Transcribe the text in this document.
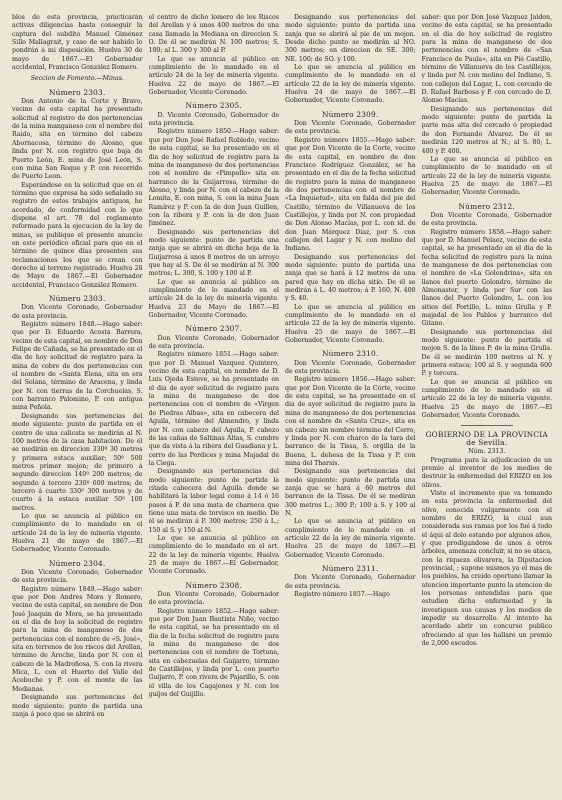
blos de esta provincia, practicarán activas diligencias hasta conseguir la captura del subdito Manuel Giménez Sillo Mallagrait, y caso de ser habido lo pondrán á mi disposición. Huelva 30 de mayo de 1867.—El Gobernador accidental, Francisco González Romero.

Seccion de Fomento.—Minas.
Número 2303.

Don Antonio de la Corte y Bravo, vecino de esta capital ha presentado solicitud al registro de dos pertenencias de la mina manganeso con el nombre del Raido, sita en término del cabezo Abornacosa, término de Alosno, que linda por N. con registro que baja de Puerto León, E. mina de José León, S. con mina San Roque y P. con recorrido de Puerto Leon.

Esperándose en la solicitud que en el término que expresa ha sido señalado su registro de estos trabajos antiguos, he acordado, de conformidad con lo que dispone el art. 78 del reglamento reformado para la ejecucion de la ley de minas, se publique el presente anuncio en este periódico oficial para que en el término de quince días presenten sus reclamaciones los que se crean con derecho al terreno registrado. Huelva 28 de Mayo de 1867.—El Gobernador accidental, Francisco González Romero.

Número 2303.

Don Vicente Coronado, Gobernador de esta provincia.

Registro número 1848.—Hago saber: que por D. Eduardo Acosta Barrera, vecino de esta capital, en nombre de Don Felipe de Cañada, se ha presentado en el dia de hoy solicitud de registro para la mina de cobre de dos pertenencias con el nombre de «Santa Elena, sita en era del Solana, término de Aracena, y linda por N. con tierras de la Corchuelas, S. con barranco Palomino, P. con antigua mina Peñola.

Designando sus pertenencias del modo siguiente: punto de partida en el centro de una calicata se medirán al N. 100 metros de la casa habitacion. De él se medirán en direccion 330º 30 metros y primera estaca auxiliar; 50º 500 metros primer mojon; de primero á segundo direccion 140º 200 metros; de segundo á tercero 230º 600 metros; de tercero á cuarto 330º 300 metros y de cuarto á la estaca auxiliar 50º 100 metros.

Lo que se anuncia al público en cumplimiento de lo mandado en el artículo 24 de la ley de minería vigente. Huelva 21 de mayo de 1867.—El Gobernador, Vicente Coronado.

Número 2304.

Don Vicente Coronado, Gobernador de esta provincia.

Registro número 1849.—Hago saber: que por Don Andres Mora y Romero, vecino de esta capital, en nombre de Don José Joaquin de Mora, se ha presentado en el dia de hoy la solicitud de registro para la mina de manganeso de dos pertenencias con el nombre de «S. José», sita en terrenos de los riscos del Arellan, término de Aroche, linda por N. con el cabezo de la Madroñosa, S. con la rivera Mica, L. con el Huerto del Valle del Acebuche y P. con el monte de las Medianas.

Designando sus pertenencias del modo siguiente: punto de partida una zanja á poco que se abrirá en

el centro de dicho lomero de los Riscos del Arellan y á unos 400 metros de una casa llamada la Mediana en direccion S. O. De él se medirán N. 100 metros; S. 100; al L. 300 y 300 al P.

Lo que se anuncia al público en cumplimiento de lo mandado en el artículo 24 de la ley de minería vigente. Huelva 22 de mayo de 1867.—El Gobernador, Vicente Coronado.

Número 2305.

D. Vicente Coronado, Gobernador de esta provincia.

Registro número 1850.—Hago saber: que por Don José Rafael Robledo, vecino de esta capital, se ha presentado en el dia de hoy solicitud de registro para la mina de manganeso de dos pertenencias con el nombre de «Pimpollo» sita en barranco de la Guijarrosa, término de Alosno, y linda por N. con el cabezo de la Lomita, E. con mina, S. con la mina Juan Ramírez y P. con la de don Juan Guillen, con la ribera y P. con la de don Juan Jiménez.

Designando sus pertenencias del modo siguiente: punto de partida una zanja que se abrirá en dicha hoja de la Guijarrosa á unos 8 metros de un arroyo que hay al S. De él se medirán al N. 300 metros; L. 300, S. 100 y 100 al P.

Lo que se anuncia al público en cumplimiento de lo mandado en el artículo 24 de la ley de minería vigente. Huelva 23 de Mayo de 1867.—El Gobernador, Vicente Coronado.

Número 2307.

Don Vicente Coronado, Gobernador de esta provincia.

Registro número 1851.—Hago saber: que por D. Manuel Vazquez Quintero, vecino de esta capital, en nombre de D. Luis Ojeda Esteve, se ha presentado en el dia de ayer solicitud de registro para la mina de manganeso de dos pertenencias con el nombre de «Virgen de Piedras Albas», sita en cabecera del Aguila, término del Almendro, y linda por N. con cabezo del Aguila, P. cabezo de las cañas de Saltinas Altas, S. cumbre que da vista á la ribera del Guadiana y L. cerro de las Perdices y mina Majadal de la Ciega.

Designando sus pertenencias del modo siguiente: punto de partida la citada cabecera del Aguila donde se habilitará la labor legal como á 14 ó 16 pasos á P. de una mata de charneca que tiene una mata de torvisco en medio. De él se medirán á P. 300 metros; 250 á L.; 150 al S. y 150 al N.

Lo que se anuncia al público en cumplimiento de lo mandado en el art. 22 de la ley de minería vigente. Huelva 25 de mayo de 1867.—El Gobernador, Vicente Coronado.

Número 2308.

Don Vicente Coronado, Gobernador de esta provincia.

Registro número 1852.—Hago saber: que por Don Juan Bautista Niño, vecino de esta capital, se ha presentado en el dia de la fecha solicitud de registro para la mina de manganeso de dos pertenencias con el nombre de Tortuna, sita en cabezuelas del Guijarro, término de Castillejos, y linda por L. con puerto Guijarro, P. con rivera de Pajarillo, S. con el villa de los Cagajones y N. con los guijos del Guijillo.

Designando sus pertenencias del modo siguiente: punto de partida una zanja que se abrirá al pie de un mojon. Desde dicho punto se medirán al NO. 300 metros; en direccion de SE. 300; NE. 100; de SO. y 100.

Lo que se anuncia al público en cumplimiento de lo mandado en el artículo 22 de la ley de minería vigente. Huelva 24 de mayo de 1867.—El Gobernador, Vicente Coronado.

Número 2309.

Don Vicente Coronado, Gobernador de esta provincia.

Registro número 1855.—Hago saber: que por Don Vicente de la Corte, vecino de esta capital, en nombre de don Francisco Rodríguez González, se ha presentado en el dia de la fecha solicitud de registro para la mina de manganeso de dos pertenencias con el nombre de «La Inquietud», sita en falda del pie del Castillo, término de Villanueva de los Castillejos, y linda por N. con propiedad de Don Alonso Macías, por L. con id. de don Juan Márquez Diaz, por S. con callejon del Lagar y N. con molino del Indiano.

Designando sus pertenencias del modo siguiente: punto de partida una zanja que se hará á 12 metros de una pared que hay en dicha sitio. De él se medirán á L. 40 metros; á P. 160, N. 400 y S. 40.

Lo que se anuncia al público en cumplimiento de lo mandado en el artículo 22 de la ley de minería vigente. Huelva 25 de mayo de 1867.—El Gobernador, Vicente Coronado.

Número 2310.

Don Vicente Coronado, Gobernador de esta provincia.

Registro número 1856.—Hago saber: que por Don Vicente de la Córte, vecino de esta capital, se ha presentado en el dia de ayer solicitud de registro para la mina de manganeso de dos pertenencias con el nombre de «Santa Cruz», sita en un cabezo sin nombre término del Cerro, y linda por N. con charco de la tara del barranco de la Tissa, S. orgilla de la Buena, L. dehesa de la Tissa y P. con mina del Tharsis.

Designando sus pertenencias del modo siguiente: punto de partida una zanja que se hará á 60 metros del barranco de la Tissa. De él se medirán 300 metros L.; 300 P.; 100 á S. y 100 al N.

Lo que se anuncia al público en cumplimiento de lo mandado en el artículo 22 de la ley de minería vigente. Huelva 25 de mayo de 1867.—El Gobernador, Vicente Coronado.

Número 2311.

Don Vicente Coronado, Gobernador de esta provincia.

Registro número 1857.—Hago

saber: que por Don José Vazquez Jaldon, vecino de esta capital, se ha presentado en el dia de hoy solicitud de registro para la mina de manganeso de dos pertenencias con el nombre de «San Francisco de Paula», sita en Piè Castillo, término de Villanueva de los Castillejos, y linda por N. con molino del Indiano, S. con callejon del Lagar, L. con cercado de D. Rafael Barbosa y P. con cercado de D. Alonso Macías.

Designando sus pertenencias del modo siguiente: punto de partida la parte más alta del cercado ó propiedad de don Fernando Alvarez. De él se medirán 120 metros al N.; al S. 80; L. 400 y P. 400.

Lo que se anuncia al público en cumplimiento de lo mandado en el artículo 22 de la ley de minería vigente. Huelva 25 de mayo de 1867.—El Gobernador, Vicente Coronado.

Número 2312.

Don Vicente Coronado, Gobernador de esta provincia.

Registro número 1858.—Hago saber: que por D. Manuel Pelaez, vecino de esta capital, se ha presentado en el dia de la fecha solicitud de registro para la mina de manganeso de dos pertenencias con el nombre de «La Golondrina», sita en llanos del puerto Golondro, término de Almonaster, y linda por Sur con las llanos del Puerto Golondro, L. con los sitios del Portillo, L. mina Grulla y P. majadal de los Pablos y barranco del Gitano.

Designando sus pertenencias del modo siguiente: punto de partida el mojon S. de la línea P. de la mina Grulla. De él se medirán 100 metros al N. y primera estaca; 100 al S. y segunda 600 P. y tercera.

Lo que se anuncia al público en cumplimiento de lo mandado en el artículo 22 de la ley de minería vigente. Huelva 25 de mayo de 1867.—El Gobernador, Vicente Coronado.

GOBIERNO DE LA PROVINCIA de Sevilla.

Núm. 2313.

Programa para la adjudicacion de un premio al inventor de los medios de destruir la enfermedad del ERIZO en los olivos.

Visto el incremento que va tomando en esta provincia la enfermedad del olivo, conocida vulgarmente con el nombre de ERIZO, la cual aun considerada sus ramas por los fué á todo el áqui al dolo estando por algunos años, y que prodigandose de unos á otros árboles, amenaza concluir, si no se ataca, con la riqueza olivarera, la Diputacion provincial, ; supone mismos ya el mas de los pueblos, ha creido oportuno llamar la atencion importante punto la atencion de los personas entendidas para que estudien dicha enfermedad y la investiguen sus causas y los medios de impedir su desarrollo. Al intento ha acordado abrir un concurso publico ofreciendo al que los hallare un premio de 2,000 escudos.
